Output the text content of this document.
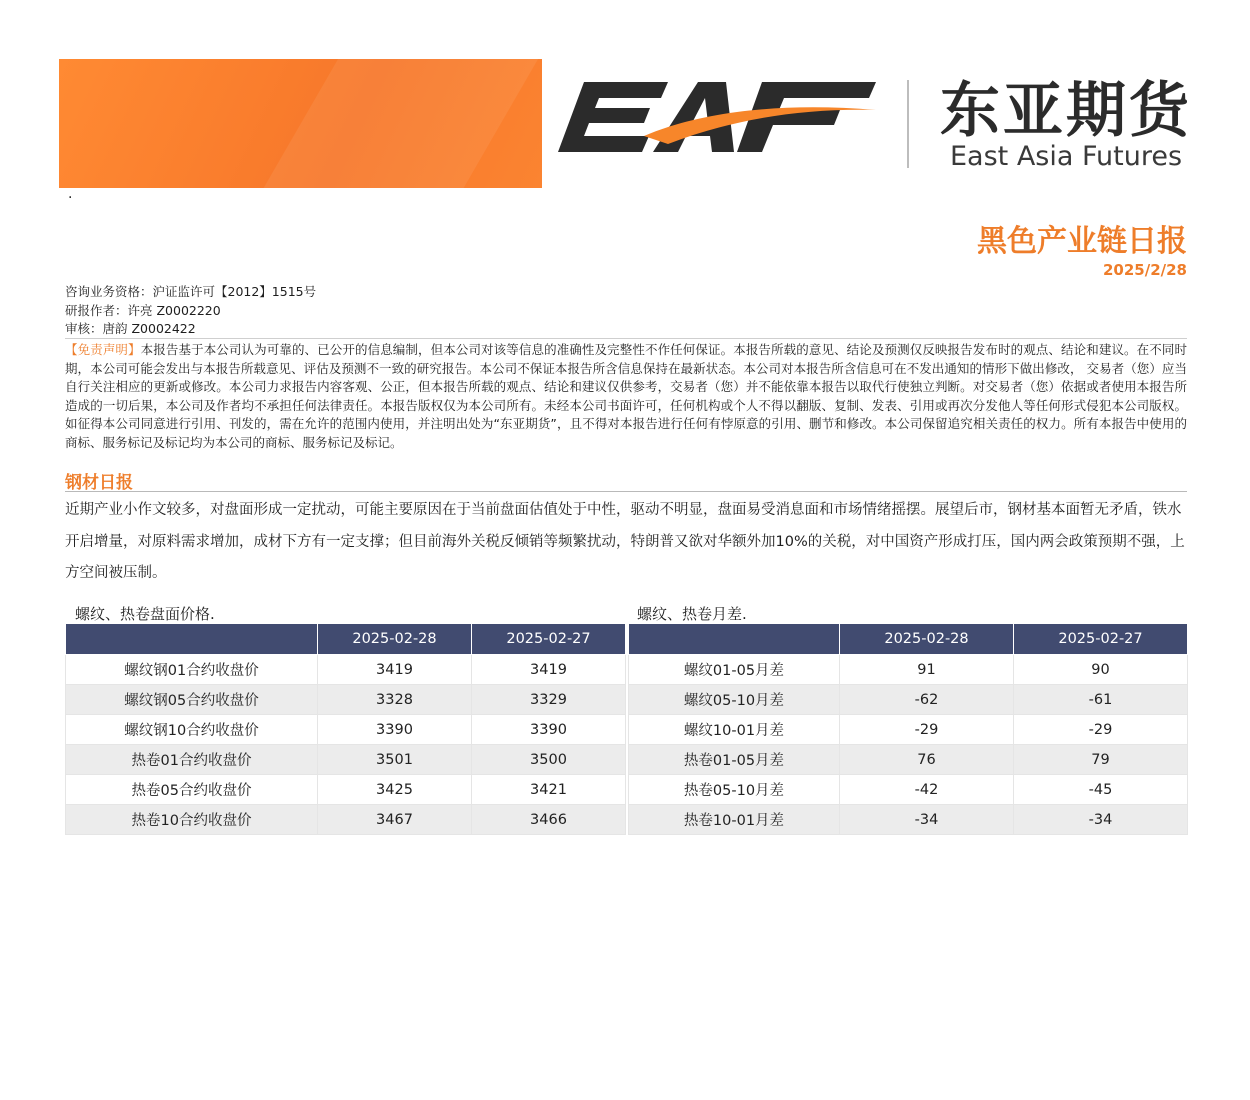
东亚期货
East Asia Futures
·
黑色产业链日报
2025/2/28
咨询业务资格：沪证监许可【2012】1515号
研报作者：许亮 Z0002220
审核：唐韵 Z0002422
【免责声明】本报告基于本公司认为可靠的、已公开的信息编制，但本公司对该等信息的准确性及完整性不作任何保证。本报告所载的意见、结论及预测仅反映报告发布时的观点、结论和建议。在不同时期，本公司可能会发出与本报告所载意见、评估及预测不一致的研究报告。本公司不保证本报告所含信息保持在最新状态。本公司对本报告所含信息可在不发出通知的情形下做出修改， 交易者（您）应当自行关注相应的更新或修改。本公司力求报告内容客观、公正，但本报告所载的观点、结论和建议仅供参考，交易者（您）并不能依靠本报告以取代行使独立判断。对交易者（您）依据或者使用本报告所造成的一切后果，本公司及作者均不承担任何法律责任。本报告版权仅为本公司所有。未经本公司书面许可，任何机构或个人不得以翻版、复制、发表、引用或再次分发他人等任何形式侵犯本公司版权。如征得本公司同意进行引用、刊发的，需在允许的范围内使用，并注明出处为“东亚期货”，且不得对本报告进行任何有悖原意的引用、删节和修改。本公司保留追究相关责任的权力。所有本报告中使用的商标、服务标记及标记均为本公司的商标、服务标记及标记。
钢材日报
近期产业小作文较多，对盘面形成一定扰动，可能主要原因在于当前盘面估值处于中性，驱动不明显，盘面易受消息面和市场情绪摇摆。展望后市，钢材基本面暂无矛盾，铁水开启增量，对原料需求增加，成材下方有一定支撑；但目前海外关税反倾销等频繁扰动，特朗普又欲对华额外加10%的关税，对中国资产形成打压，国内两会政策预期不强，上方空间被压制。
螺纹、热卷盘面价格.	螺纹、热卷月差.
	2025-02-28	2025-02-27
螺纹钢01合约收盘价	3419	3419
螺纹钢05合约收盘价	3328	3329
螺纹钢10合约收盘价	3390	3390
热卷01合约收盘价	3501	3500
热卷05合约收盘价	3425	3421
热卷10合约收盘价	3467	3466
	2025-02-28	2025-02-27
螺纹01-05月差	91	90
螺纹05-10月差	-62	-61
螺纹10-01月差	-29	-29
热卷01-05月差	76	79
热卷05-10月差	-42	-45
热卷10-01月差	-34	-34
